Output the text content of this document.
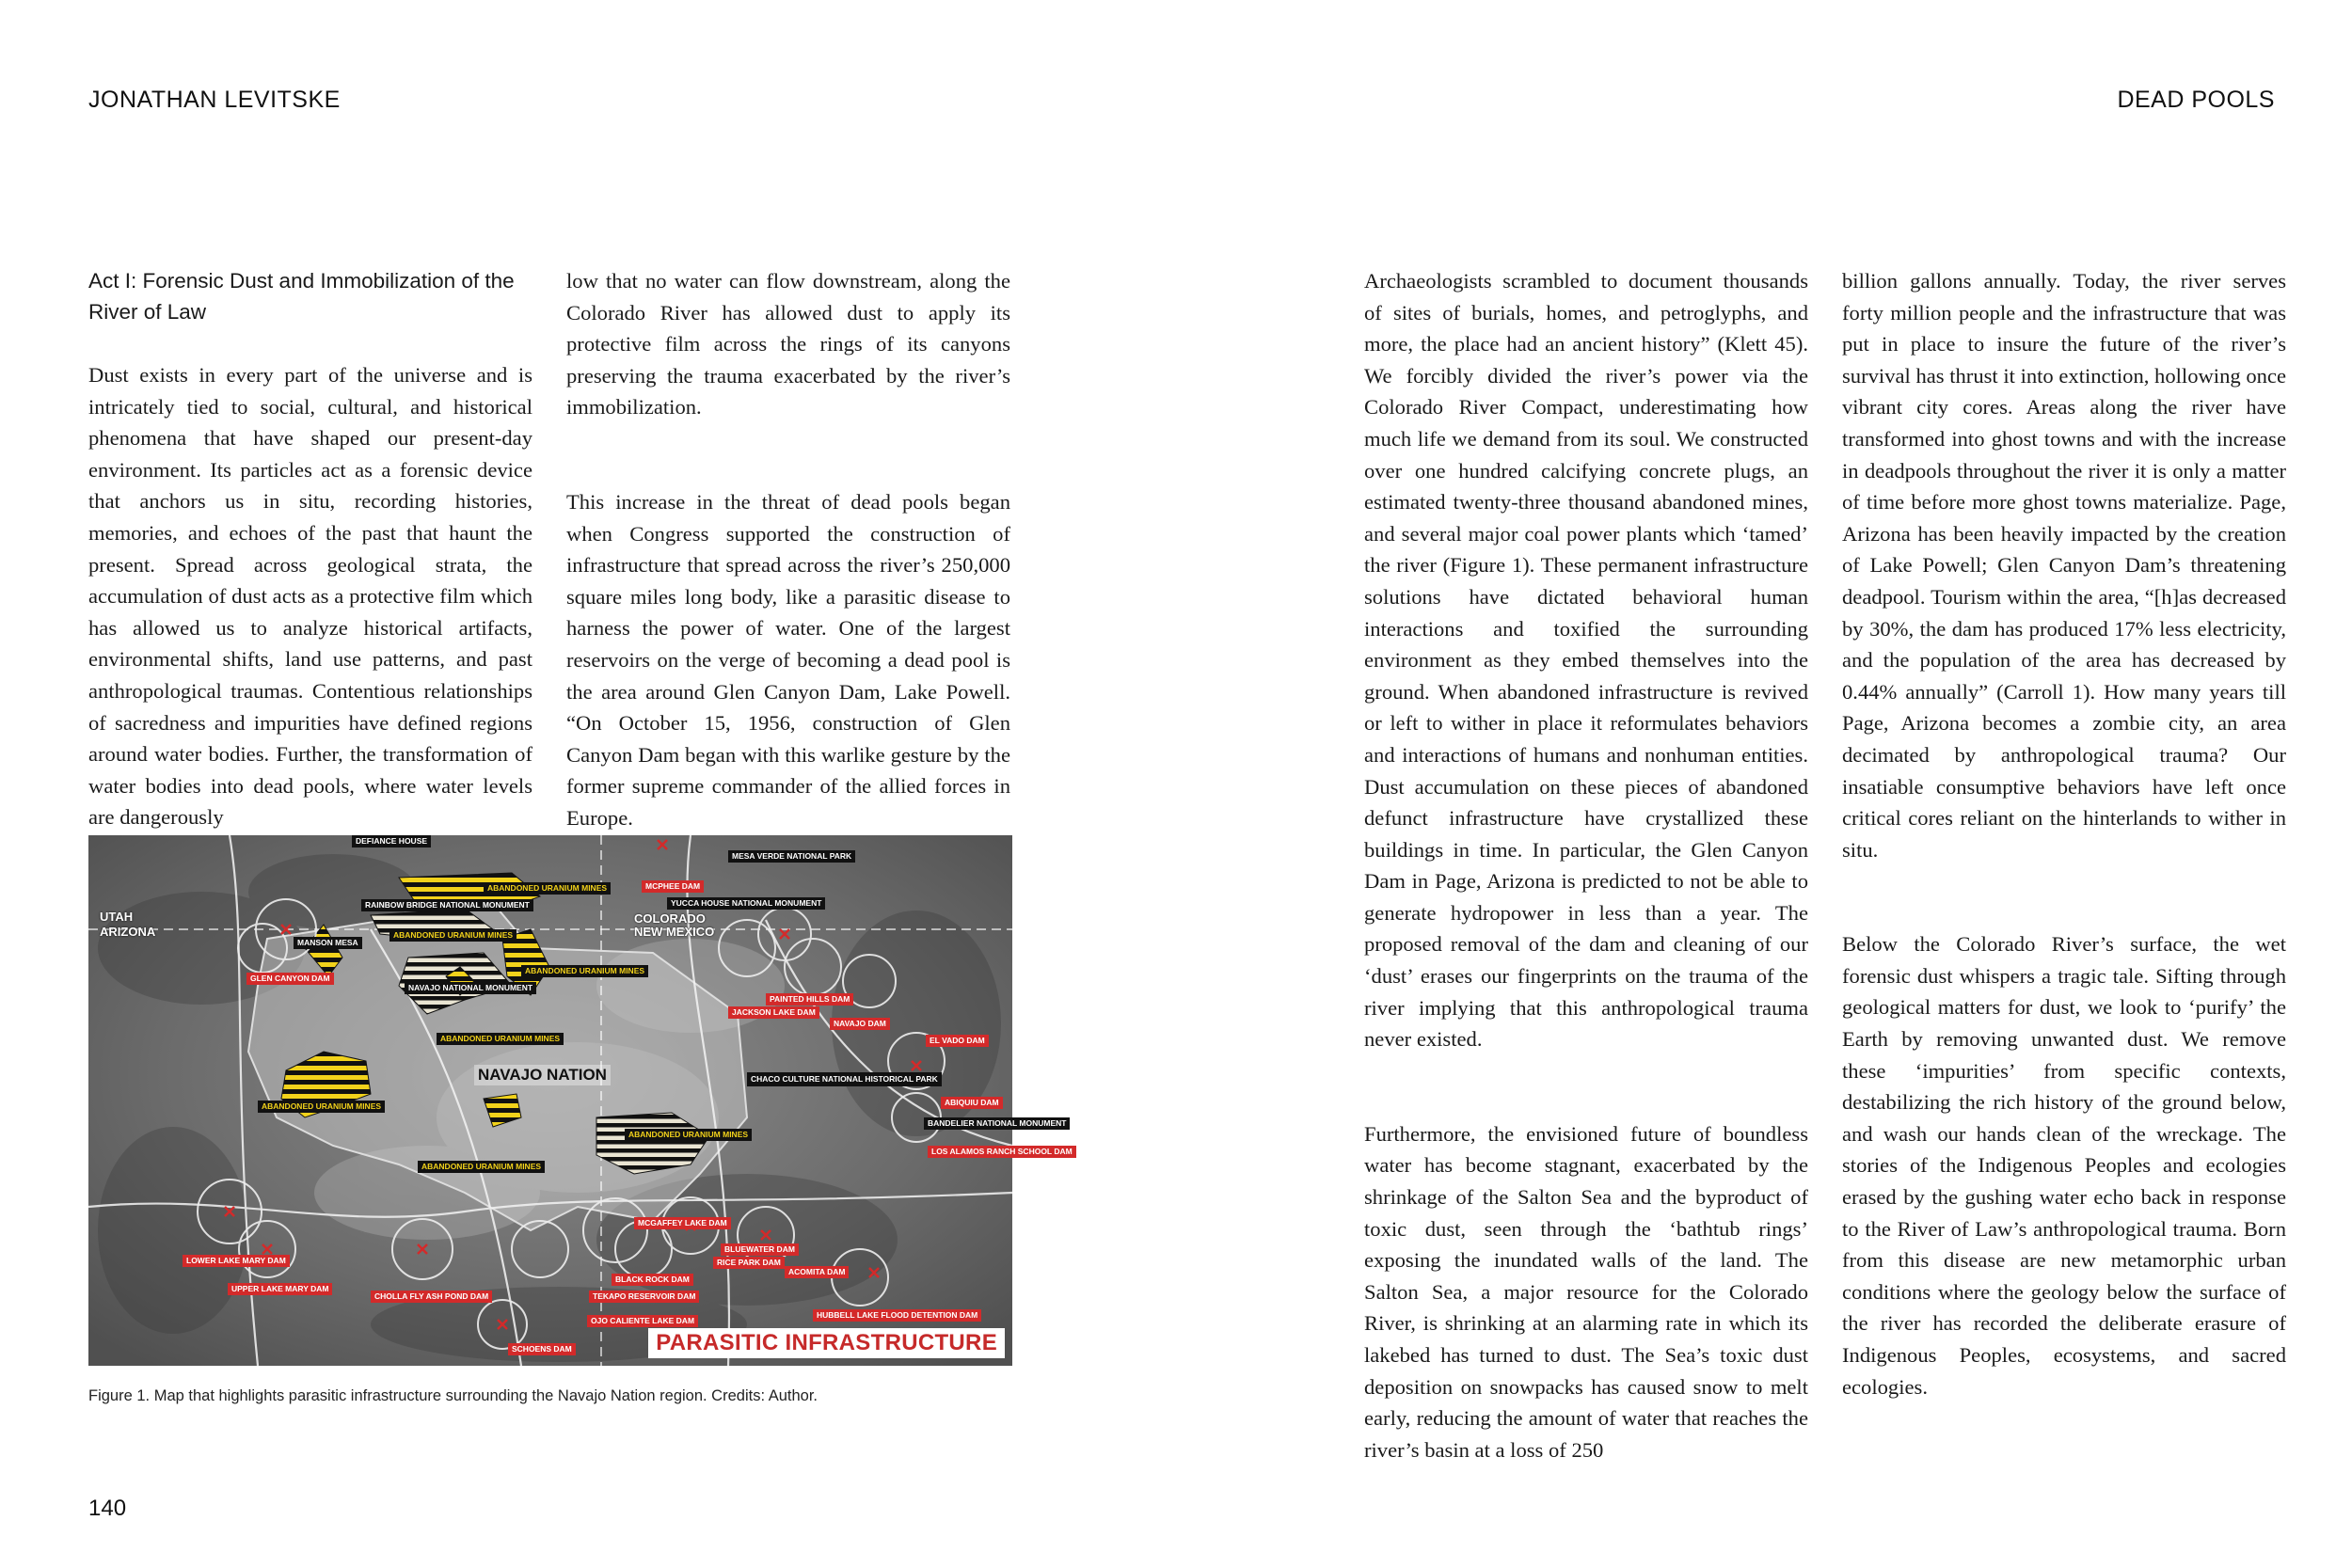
JONATHAN LEVITSKE
Act I: Forensic Dust and Immobilization of the River of Law

Dust exists in every part of the universe and is intricately tied to social, cultural, and historical phenomena that have shaped our present-day environment. Its particles act as a forensic device that anchors us in situ, recording histories, memories, and echoes of the past that haunt the present. Spread across geological strata, the accumulation of dust acts as a protective film which has allowed us to analyze historical artifacts, environmental shifts, land use patterns, and past anthropological traumas. Contentious relationships of sacredness and impurities have defined regions around water bodies. Further, the transformation of water bodies into dead pools, where water levels are dangerously

low that no water can flow downstream, along the Colorado River has allowed dust to apply its protective film across the rings of its canyons preserving the trauma exacerbated by the river’s immobilization.

This increase in the threat of dead pools began when Congress supported the construction of infrastructure that spread across the river’s 250,000 square miles long body, like a parasitic disease to harness the power of water. One of the largest reservoirs on the verge of becoming a dead pool is the area around Glen Canyon Dam, Lake Powell. “On October 15, 1956, construction of Glen Canyon Dam began with this warlike gesture by the former supreme commander of the allied forces in Europe.

UTAH
ARIZONA
COLORADO
NEW MEXICO
NAVAJO NATION
DEFIANCE HOUSE
MESA VERDE NATIONAL PARK
MCPHEE DAM
YUCCA HOUSE NATIONAL MONUMENT
RAINBOW BRIDGE NATIONAL MONUMENT
ABANDONED URANIUM MINES
ABANDONED URANIUM MINES
ABANDONED URANIUM MINES
ABANDONED URANIUM MINES
ABANDONED URANIUM MINES
ABANDONED URANIUM MINES
ABANDONED URANIUM MINES
MANSON MESA
GLEN CANYON DAM
NAVAJO NATIONAL MONUMENT
PAINTED HILLS DAM
JACKSON LAKE DAM
NAVAJO DAM
EL VADO DAM
CHACO CULTURE NATIONAL HISTORICAL PARK
ABIQUIU DAM
BANDELIER NATIONAL MONUMENT
LOS ALAMOS RANCH SCHOOL DAM
LOWER LAKE MARY DAM
UPPER LAKE MARY DAM
CHOLLA FLY ASH POND DAM
MCGAFFEY LAKE DAM
BLUEWATER DAM
RICE PARK DAM
BLACK ROCK DAM
ACOMITA DAM
TEKAPO RESERVOIR DAM
OJO CALIENTE LAKE DAM
HUBBELL LAKE FLOOD DETENTION DAM
SCHOENS DAM	PARASITIC INFRASTRUCTURE
Figure 1. Map that highlights parasitic infrastructure surrounding the Navajo Nation region. Credits: Author.
140
DEAD POOLS

Archaeologists scrambled to document thousands of sites of burials, homes, and petroglyphs, and more, the place had an ancient history” (Klett 45). We forcibly divided the river’s power via the Colorado River Compact, underestimating how much life we demand from its soul. We constructed over one hundred calcifying concrete plugs, an estimated twenty-three thousand abandoned mines, and several major coal power plants which ‘tamed’ the river (Figure 1). These permanent infrastructure solutions have dictated behavioral human interactions and toxified the surrounding environment as they embed themselves into the ground. When abandoned infrastructure is revived or left to wither in place it reformulates behaviors and interactions of humans and nonhuman entities. Dust accumulation on these pieces of abandoned defunct infrastructure have crystallized these buildings in time. In particular, the Glen Canyon Dam in Page, Arizona is predicted to not be able to generate hydropower in less than a year. The proposed removal of the dam and cleaning of our ‘dust’ erases our fingerprints on the trauma of the river implying that this anthropological trauma never existed.

Furthermore, the envisioned future of boundless water has become stagnant, exacerbated by the shrinkage of the Salton Sea and the byproduct of toxic dust, seen through the ‘bathtub rings’ exposing the inundated walls of the land. The Salton Sea, a major resource for the Colorado River, is shrinking at an alarming rate in which its lakebed has turned to dust. The Sea’s toxic dust deposition on snowpacks has caused snow to melt early, reducing the amount of water that reaches the river’s basin at a loss of 250

billion gallons annually. Today, the river serves forty million people and the infrastructure that was put in place to insure the future of the river’s survival has thrust it into extinction, hollowing once vibrant city cores. Areas along the river have transformed into ghost towns and with the increase in deadpools throughout the river it is only a matter of time before more ghost towns materialize. Page, Arizona has been heavily impacted by the creation of Lake Powell; Glen Canyon Dam’s threatening deadpool. Tourism within the area, “[h]as decreased by 30%, the dam has produced 17% less electricity, and the population of the area has decreased by 0.44% annually” (Carroll 1). How many years till Page, Arizona becomes a zombie city, an area decimated by anthropological trauma? Our insatiable consumptive behaviors have left once critical cores reliant on the hinterlands to wither in situ.

Below the Colorado River’s surface, the wet forensic dust whispers a tragic tale. Sifting through geological matters for dust, we look to ‘purify’ the Earth by removing unwanted dust. We remove these ‘impurities’ from specific contexts, destabilizing the rich history of the ground below, and wash our hands clean of the wreckage. The stories of the Indigenous Peoples and ecologies erased by the gushing water echo back in response to the River of Law’s anthropological trauma. Born from this disease are new metamorphic urban conditions where the geology below the surface of the river has recorded the deliberate erasure of Indigenous Peoples, ecosystems, and sacred ecologies.
